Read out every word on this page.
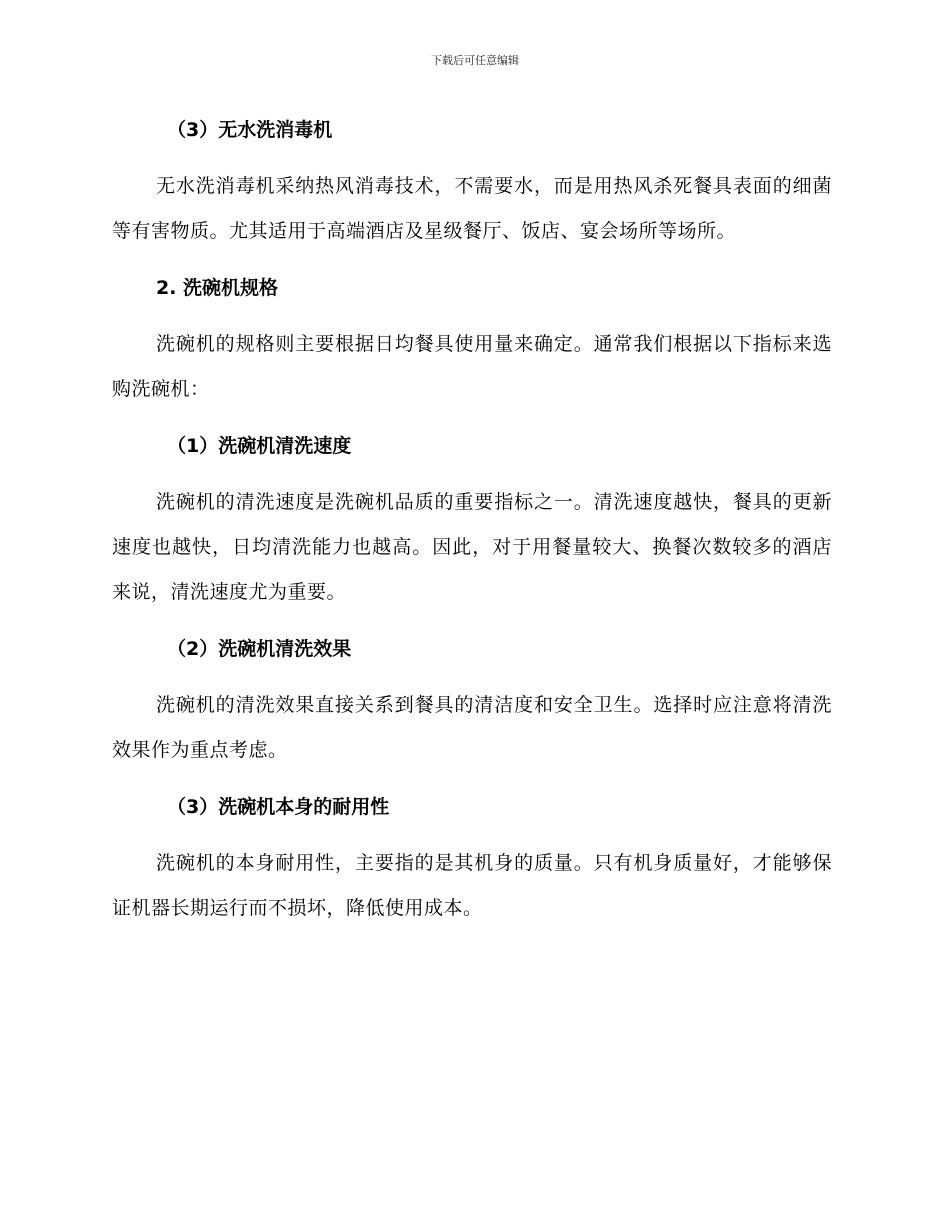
下载后可任意编辑

（3）无水洗消毒机

无水洗消毒机采纳热风消毒技术，不需要水，而是用热风杀死餐具表面的细菌等有害物质。尤其适用于高端酒店及星级餐厅、饭店、宴会场所等场所。

2. 洗碗机规格

洗碗机的规格则主要根据日均餐具使用量来确定。通常我们根据以下指标来选购洗碗机：

（1）洗碗机清洗速度

洗碗机的清洗速度是洗碗机品质的重要指标之一。清洗速度越快，餐具的更新速度也越快，日均清洗能力也越高。因此，对于用餐量较大、换餐次数较多的酒店来说，清洗速度尤为重要。

（2）洗碗机清洗效果

洗碗机的清洗效果直接关系到餐具的清洁度和安全卫生。选择时应注意将清洗效果作为重点考虑。

（3）洗碗机本身的耐用性

洗碗机的本身耐用性，主要指的是其机身的质量。只有机身质量好，才能够保证机器长期运行而不损坏，降低使用成本。
